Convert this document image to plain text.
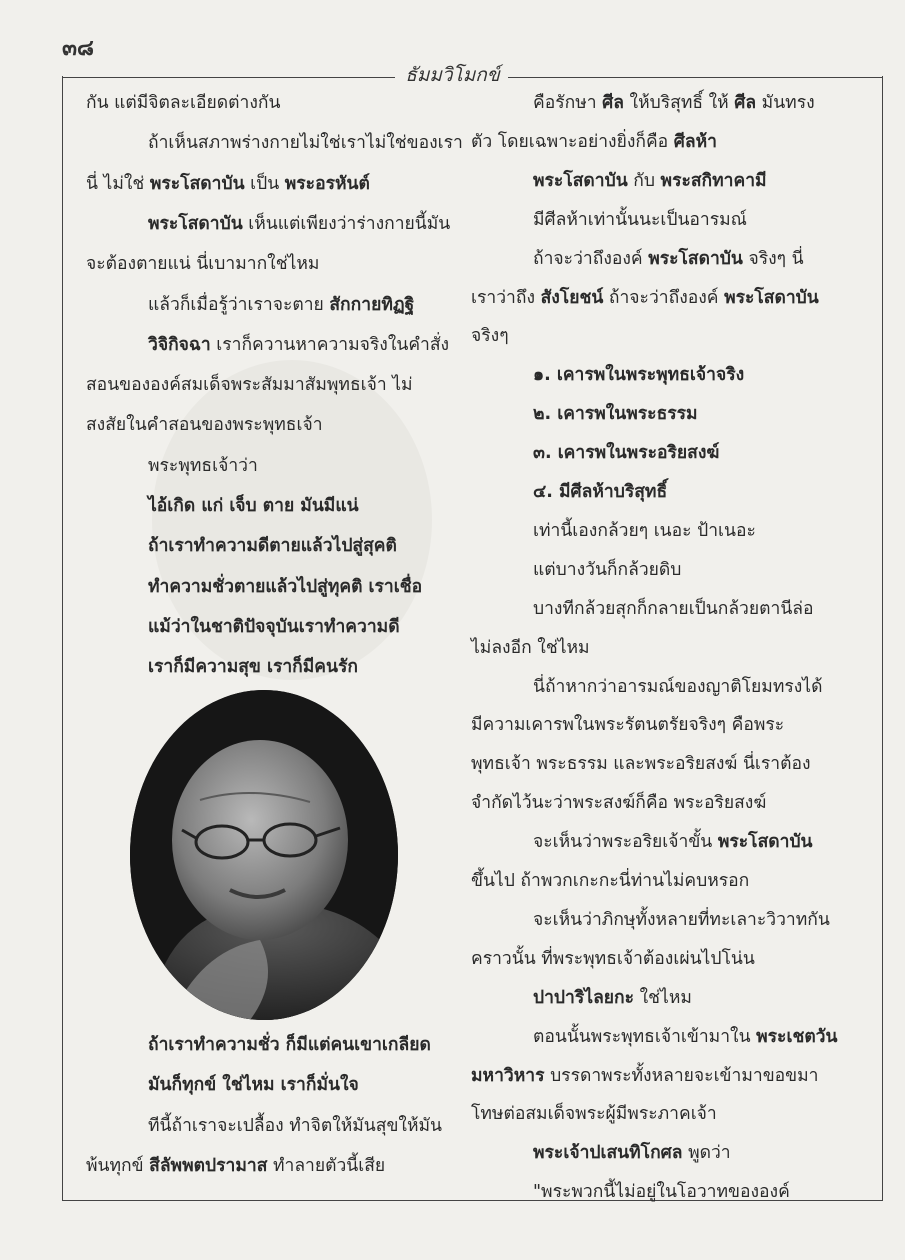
๓๘
ธัมมวิโมกข์
กัน แต่มีจิตละเอียดต่างกัน
ถ้าเห็นสภาพร่างกายไม่ใช่เราไม่ใช่ของเรา
นี่ ไม่ใช่ พระโสดาบัน เป็น พระอรหันต์
พระโสดาบัน เห็นแต่เพียงว่าร่างกายนี้มัน
จะต้องตายแน่ นี่เบามากใช่ไหม
แล้วก็เมื่อรู้ว่าเราจะตาย สักกายทิฏฐิ
วิจิกิจฉา เราก็ควานหาความจริงในคำสั่ง
สอนขององค์สมเด็จพระสัมมาสัมพุทธเจ้า ไม่
สงสัยในคำสอนของพระพุทธเจ้า
พระพุทธเจ้าว่า
ไอ้เกิด แก่ เจ็บ ตาย มันมีแน่
ถ้าเราทำความดีตายแล้วไปสู่สุคติ
ทำความชั่วตายแล้วไปสู่ทุคติ เราเชื่อ
แม้ว่าในชาติปัจจุบันเราทำความดี
เราก็มีความสุข เราก็มีคนรัก
ถ้าเราทำความชั่ว ก็มีแต่คนเขาเกลียด
มันก็ทุกข์ ใช่ไหม เราก็มั่นใจ
ทีนี้ถ้าเราจะเปลื้อง ทำจิตให้มันสุขให้มัน
พ้นทุกข์ สีลัพพตปรามาส ทำลายตัวนี้เสีย
คือรักษา ศีล ให้บริสุทธิ์ ให้ ศีล มันทรง
ตัว โดยเฉพาะอย่างยิ่งก็คือ ศีลห้า
พระโสดาบัน กับ พระสกิทาคามี
มีศีลห้าเท่านั้นนะเป็นอารมณ์
ถ้าจะว่าถึงองค์ พระโสดาบัน จริงๆ นี่
เราว่าถึง สังโยชน์ ถ้าจะว่าถึงองค์ พระโสดาบัน
จริงๆ
๑. เคารพในพระพุทธเจ้าจริง
๒. เคารพในพระธรรม
๓. เคารพในพระอริยสงฆ์
๔. มีศีลห้าบริสุทธิ์
เท่านี้เองกล้วยๆ เนอะ ป้าเนอะ
แต่บางวันก็กล้วยดิบ
บางทีกล้วยสุกก็กลายเป็นกล้วยตานีล่อ
ไม่ลงอีก ใช่ไหม
นี่ถ้าหากว่าอารมณ์ของญาติโยมทรงได้
มีความเคารพในพระรัตนตรัยจริงๆ คือพระ
พุทธเจ้า พระธรรม และพระอริยสงฆ์ นี่เราต้อง
จำกัดไว้นะว่าพระสงฆ์ก็คือ พระอริยสงฆ์
จะเห็นว่าพระอริยเจ้าขั้น พระโสดาบัน
ขึ้นไป ถ้าพวกเกะกะนี่ท่านไม่คบหรอก
จะเห็นว่าภิกษุทั้งหลายที่ทะเลาะวิวาทกัน
คราวนั้น ที่พระพุทธเจ้าต้องเผ่นไปโน่น
ปาปาริไลยกะ ใช่ไหม
ตอนนั้นพระพุทธเจ้าเข้ามาใน พระเชตวัน
มหาวิหาร บรรดาพระทั้งหลายจะเข้ามาขอขมา
โทษต่อสมเด็จพระผู้มีพระภาคเจ้า
พระเจ้าปเสนทิโกศล พูดว่า
"พระพวกนี้ไม่อยู่ในโอวาทขององค์
